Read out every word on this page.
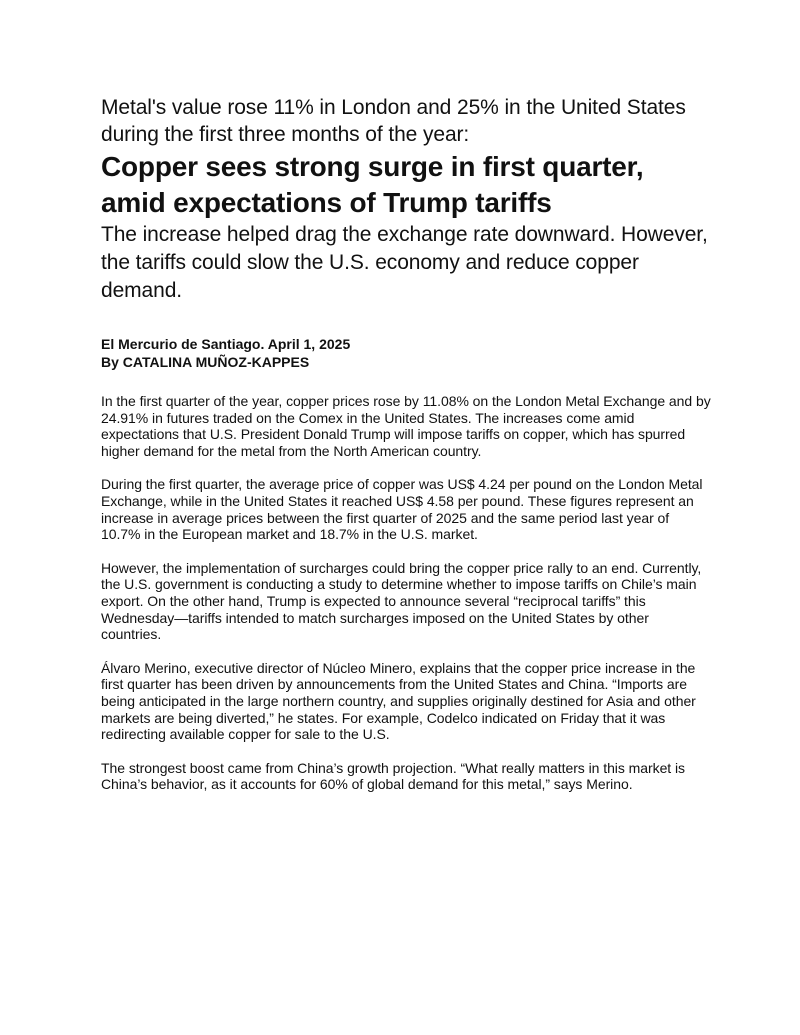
Metal's value rose 11% in London and 25% in the United States during the first three months of the year:
Copper sees strong surge in first quarter, amid expectations of Trump tariffs
The increase helped drag the exchange rate downward. However, the tariffs could slow the U.S. economy and reduce copper demand.
El Mercurio de Santiago. April 1, 2025
By CATALINA MUÑOZ-KAPPES

In the first quarter of the year, copper prices rose by 11.08% on the London Metal Exchange and by 24.91% in futures traded on the Comex in the United States. The increases come amid expectations that U.S. President Donald Trump will impose tariffs on copper, which has spurred higher demand for the metal from the North American country.

During the first quarter, the average price of copper was US$ 4.24 per pound on the London Metal Exchange, while in the United States it reached US$ 4.58 per pound. These figures represent an increase in average prices between the first quarter of 2025 and the same period last year of 10.7% in the European market and 18.7% in the U.S. market.

However, the implementation of surcharges could bring the copper price rally to an end. Currently, the U.S. government is conducting a study to determine whether to impose tariffs on Chile’s main export. On the other hand, Trump is expected to announce several “reciprocal tariffs” this Wednesday—tariffs intended to match surcharges imposed on the United States by other countries.

Álvaro Merino, executive director of Núcleo Minero, explains that the copper price increase in the first quarter has been driven by announcements from the United States and China. “Imports are being anticipated in the large northern country, and supplies originally destined for Asia and other markets are being diverted,” he states. For example, Codelco indicated on Friday that it was redirecting available copper for sale to the U.S.

The strongest boost came from China’s growth projection. “What really matters in this market is China’s behavior, as it accounts for 60% of global demand for this metal,” says Merino.
